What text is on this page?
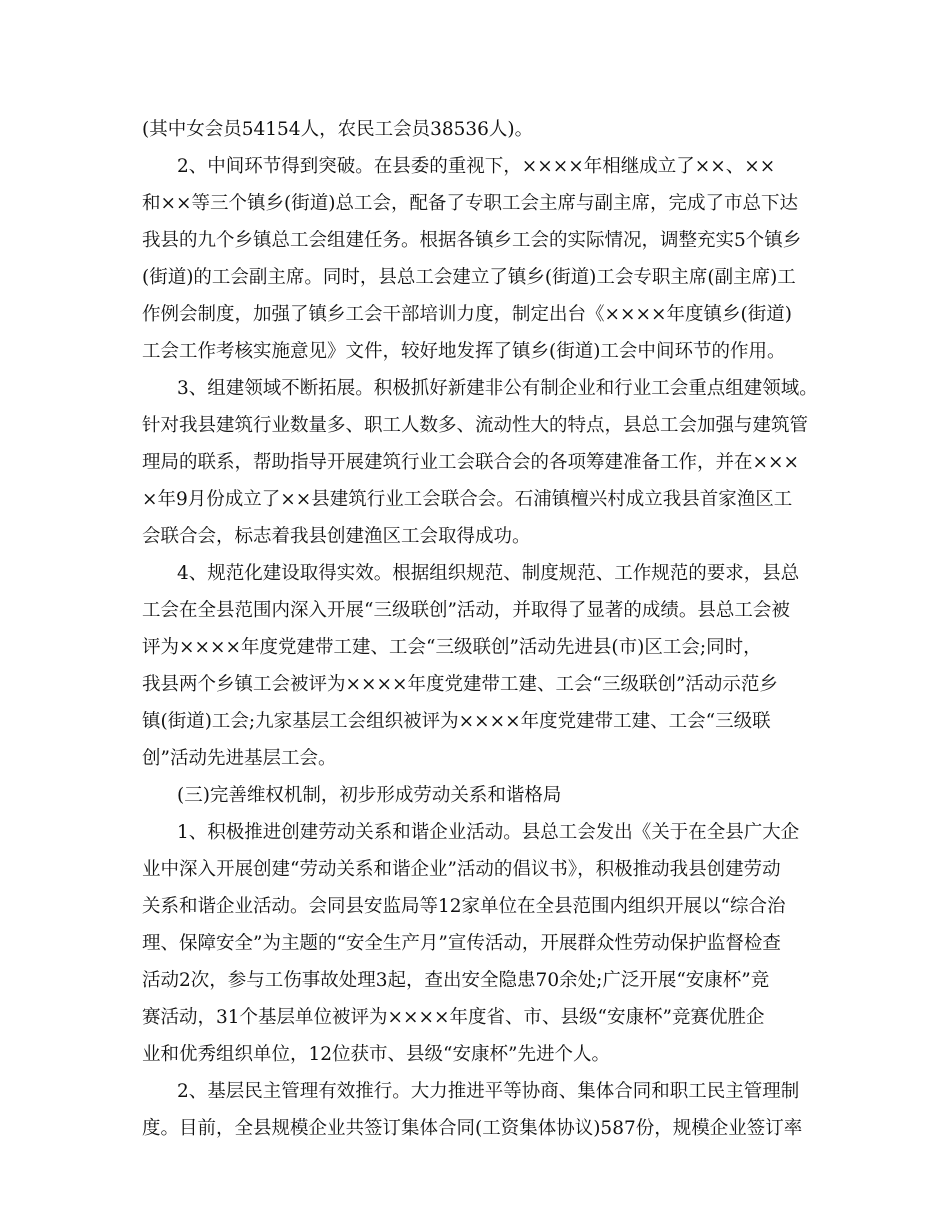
(其中女会员54154人，农民工会员38536人)。
2、中间环节得到突破。在县委的重视下，××××年相继成立了××、××
和××等三个镇乡(街道)总工会，配备了专职工会主席与副主席，完成了市总下达
我县的九个乡镇总工会组建任务。根据各镇乡工会的实际情况，调整充实5个镇乡
(街道)的工会副主席。同时，县总工会建立了镇乡(街道)工会专职主席(副主席)工
作例会制度，加强了镇乡工会干部培训力度，制定出台《××××年度镇乡(街道)
工会工作考核实施意见》文件，较好地发挥了镇乡(街道)工会中间环节的作用。
3、组建领域不断拓展。积极抓好新建非公有制企业和行业工会重点组建领域。
针对我县建筑行业数量多、职工人数多、流动性大的特点，县总工会加强与建筑管
理局的联系，帮助指导开展建筑行业工会联合会的各项筹建准备工作，并在×××
×年9月份成立了××县建筑行业工会联合会。石浦镇檀兴村成立我县首家渔区工
会联合会，标志着我县创建渔区工会取得成功。
4、规范化建设取得实效。根据组织规范、制度规范、工作规范的要求，县总
工会在全县范围内深入开展“三级联创”活动，并取得了显著的成绩。县总工会被
评为××××年度党建带工建、工会“三级联创”活动先进县(市)区工会;同时，
我县两个乡镇工会被评为××××年度党建带工建、工会“三级联创”活动示范乡
镇(街道)工会;九家基层工会组织被评为××××年度党建带工建、工会“三级联
创”活动先进基层工会。
(三)完善维权机制，初步形成劳动关系和谐格局
1、积极推进创建劳动关系和谐企业活动。县总工会发出《关于在全县广大企
业中深入开展创建“劳动关系和谐企业”活动的倡议书》，积极推动我县创建劳动
关系和谐企业活动。会同县安监局等12家单位在全县范围内组织开展以“综合治
理、保障安全”为主题的“安全生产月”宣传活动，开展群众性劳动保护监督检查
活动2次，参与工伤事故处理3起，查出安全隐患70余处;广泛开展“安康杯”竞
赛活动，31个基层单位被评为××××年度省、市、县级“安康杯”竞赛优胜企
业和优秀组织单位，12位获市、县级“安康杯”先进个人。
2、基层民主管理有效推行。大力推进平等协商、集体合同和职工民主管理制
度。目前，全县规模企业共签订集体合同(工资集体协议)587份，规模企业签订率
